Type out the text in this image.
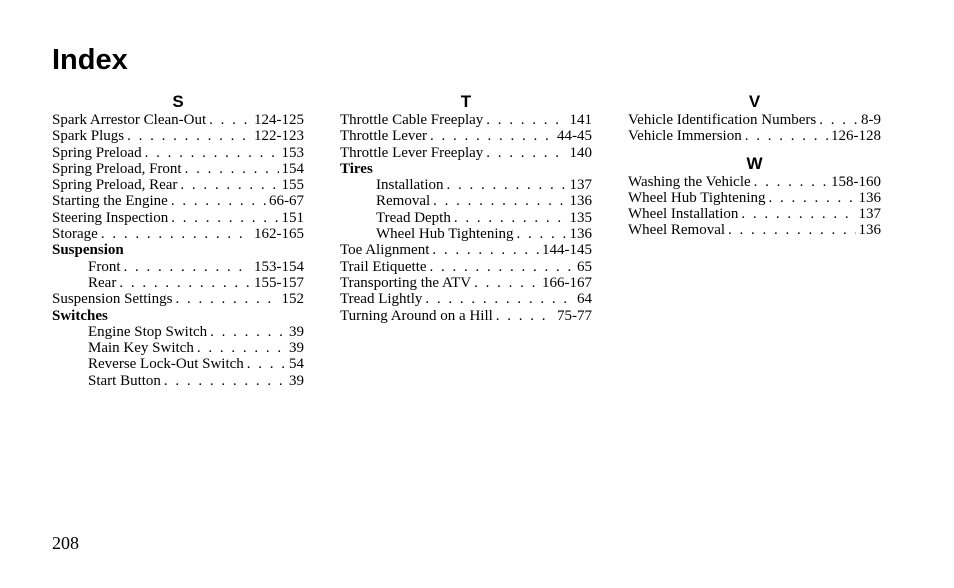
Index
S
Spark Arrestor Clean-Out . . .	124-125
Spark Plugs . . .	122-123
Spring Preload . . .	153
Spring Preload, Front . . .	154
Spring Preload, Rear . . .	155
Starting the Engine . . .	66-67
Steering Inspection . . .	151
Storage . . .	162-165
Suspension
Front . . .	153-154
Rear . . .	155-157
Suspension Settings . . .	152
Switches
Engine Stop Switch . . .	39
Main Key Switch . . .	39
Reverse Lock-Out Switch . . .	54
Start Button . . .	39
T
Throttle Cable Freeplay . . .	141
Throttle Lever . . .	44-45
Throttle Lever Freeplay . . .	140
Tires
Installation . . .	137
Removal . . .	136
Tread Depth . . .	135
Wheel Hub Tightening . . .	136
Toe Alignment . . .	144-145
Trail Etiquette . . .	65
Transporting the ATV . . .	166-167
Tread Lightly . . .	64
Turning Around on a Hill . . .	75-77
V
Vehicle Identification Numbers . . .	8-9
Vehicle Immersion . . .	126-128
W
Washing the Vehicle . . .	158-160
Wheel Hub Tightening . . .	136
Wheel Installation . . .	137
Wheel Removal . . .	136
208
